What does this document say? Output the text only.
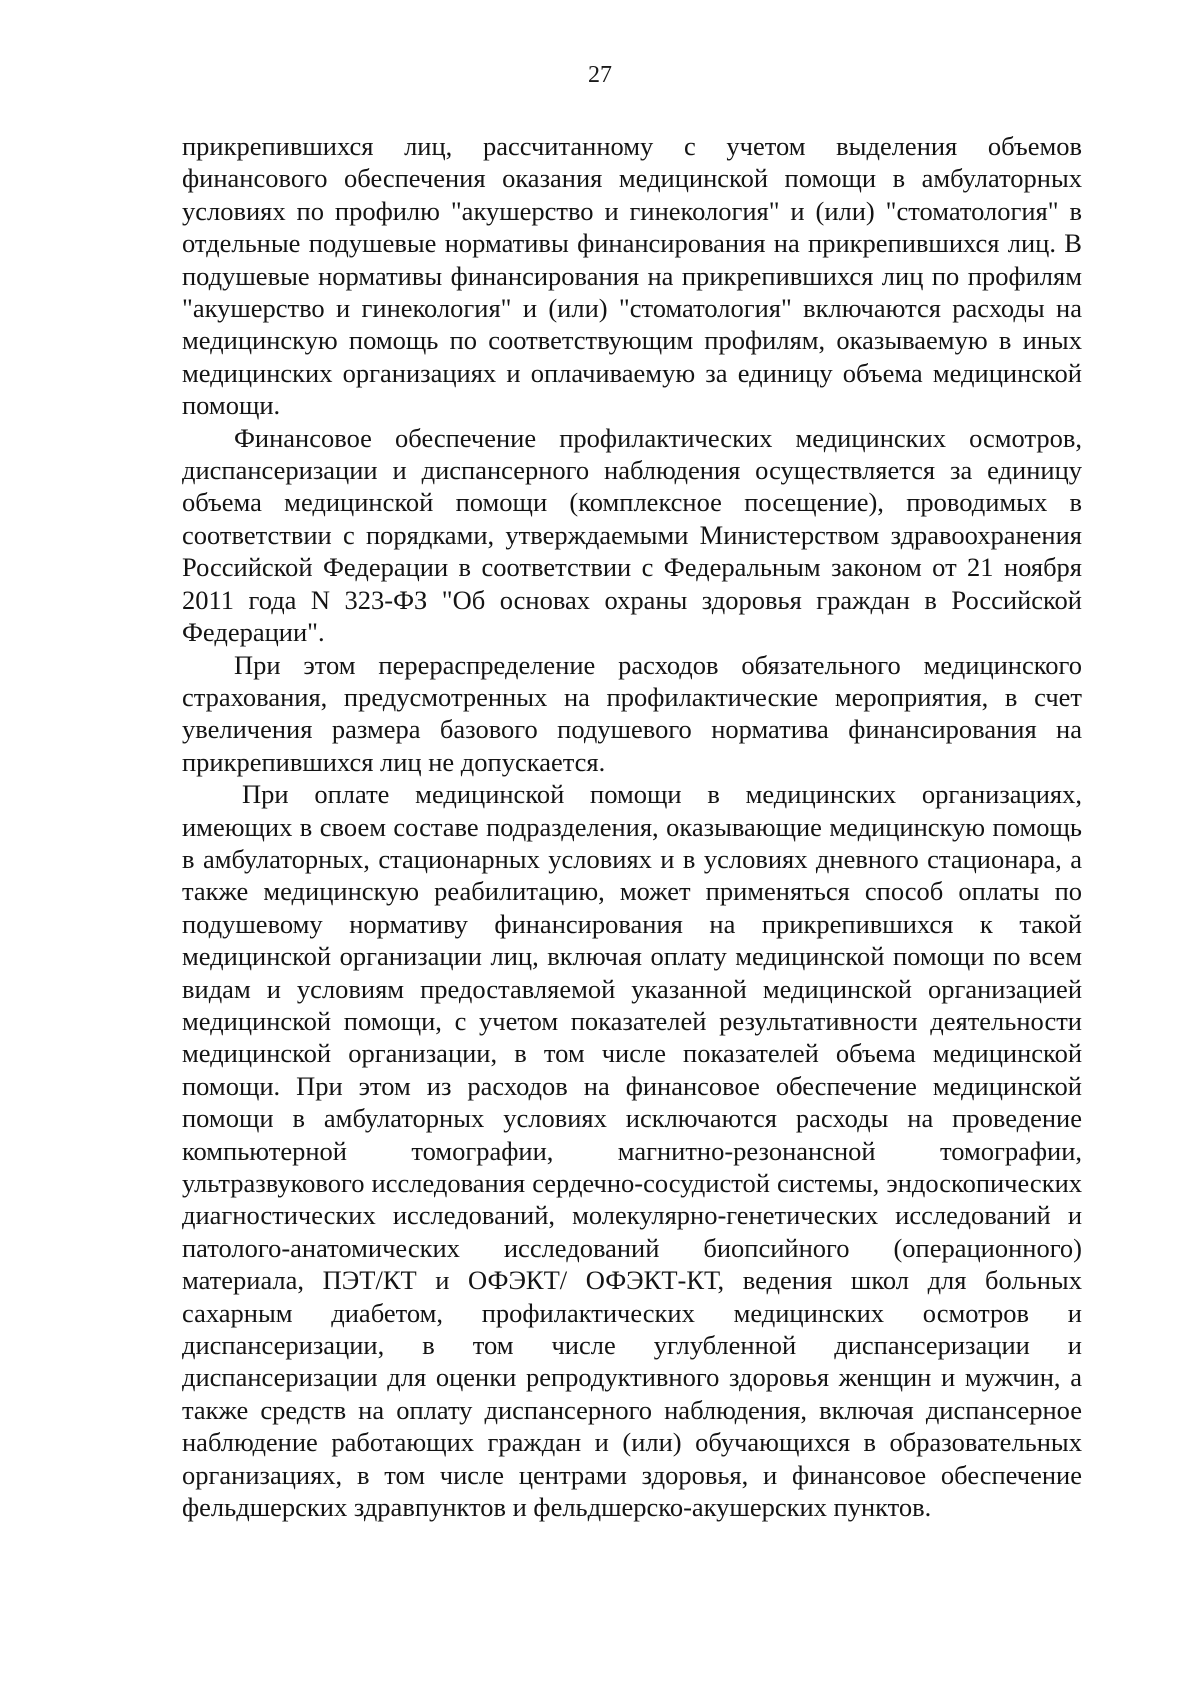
27

прикрепившихся лиц, рассчитанному с учетом выделения объемов финансового обеспечения оказания медицинской помощи в амбулаторных условиях по профилю "акушерство и гинекология" и (или) "стоматология" в отдельные подушевые нормативы финансирования на прикрепившихся лиц. В подушевые нормативы финансирования на прикрепившихся лиц по профилям "акушерство и гинекология" и (или) "стоматология" включаются расходы на медицинскую помощь по соответствующим профилям, оказываемую в иных медицинских организациях и оплачиваемую за единицу объема медицинской помощи.

Финансовое обеспечение профилактических медицинских осмотров, диспансеризации и диспансерного наблюдения осуществляется за единицу объема медицинской помощи (комплексное посещение), проводимых в соответствии с порядками, утверждаемыми Министерством здравоохранения Российской Федерации в соответствии с Федеральным законом от 21 ноября 2011 года N 323-ФЗ "Об основах охраны здоровья граждан в Российской Федерации".

При этом перераспределение расходов обязательного медицинского страхования, предусмотренных на профилактические мероприятия, в счет увеличения размера базового подушевого норматива финансирования на прикрепившихся лиц не допускается.

При оплате медицинской помощи в медицинских организациях, имеющих в своем составе подразделения, оказывающие медицинскую помощь в амбулаторных, стационарных условиях и в условиях дневного стационара, а также медицинскую реабилитацию, может применяться способ оплаты по подушевому нормативу финансирования на прикрепившихся к такой медицинской организации лиц, включая оплату медицинской помощи по всем видам и условиям предоставляемой указанной медицинской организацией медицинской помощи, с учетом показателей результативности деятельности медицинской организации, в том числе показателей объема медицинской помощи. При этом из расходов на финансовое обеспечение медицинской помощи в амбулаторных условиях исключаются расходы на проведение компьютерной томографии, магнитно-резонансной томографии, ультразвукового исследования сердечно-сосудистой системы, эндоскопических диагностических исследований, молекулярно-генетических исследований и патолого-анатомических исследований биопсийного (операционного) материала, ПЭТ/КТ и ОФЭКТ/ ОФЭКТ-КТ, ведения школ для больных сахарным диабетом, профилактических медицинских осмотров и диспансеризации, в том числе углубленной диспансеризации и диспансеризации для оценки репродуктивного здоровья женщин и мужчин, а также средств на оплату диспансерного наблюдения, включая диспансерное наблюдение работающих граждан и (или) обучающихся в образовательных организациях, в том числе центрами здоровья, и финансовое обеспечение фельдшерских здравпунктов и фельдшерско-акушерских пунктов.
